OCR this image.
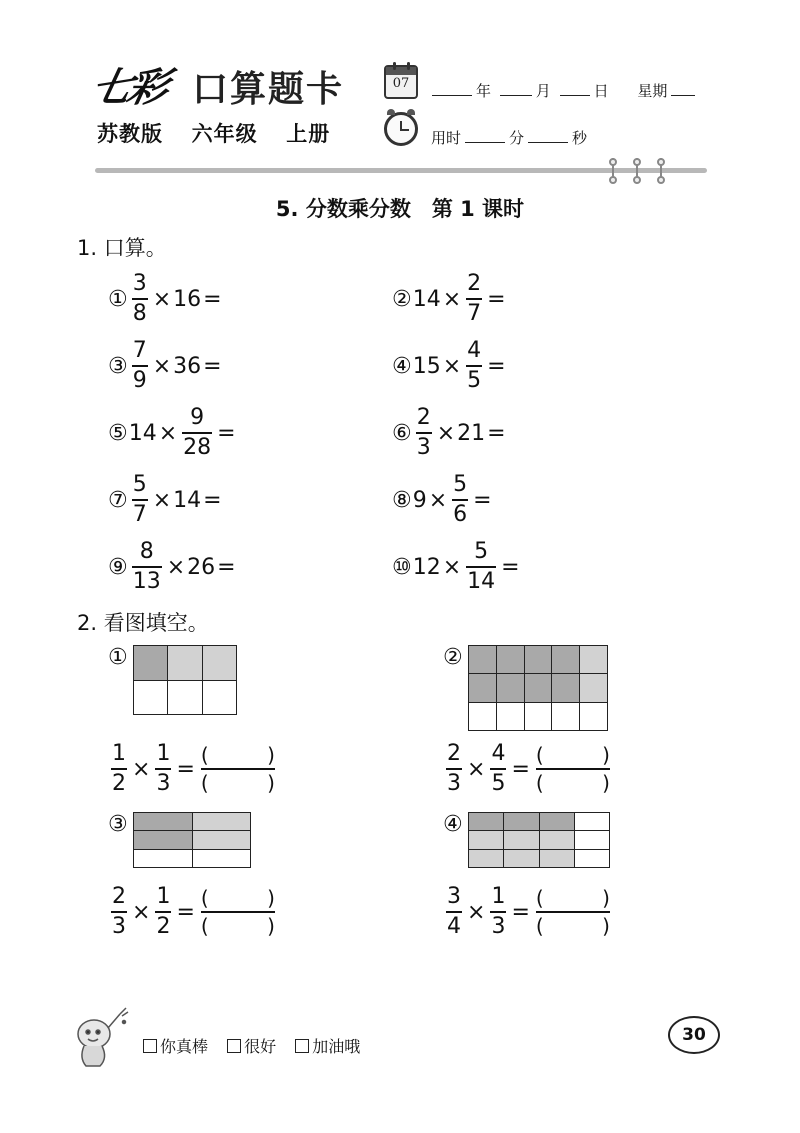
七彩 口算题卡
苏教版  六年级  上册
07	年	月	日 星期
用时	分	秒
5. 分数乘分数　第 1 课时
1. 口算。
① $\frac{3}{8} \times 16$ =	② $14 \times \frac{2}{7}$ =
③ $\frac{7}{9} \times 36$ =	④ $15 \times \frac{4}{5}$ =
⑤ $14 \times \frac{9}{28}$ =	⑥ $\frac{2}{3} \times 21$ =
⑦ $\frac{5}{7} \times 14$ =	⑧ $9 \times \frac{5}{6}$ =
⑨ $\frac{8}{13} \times 26$ =	⑩ $12 \times \frac{5}{14}$ =
2. 看图填空。
①

			②

$\frac{1}{2} \times \frac{1}{3}$ =
(	)
(	)	$\frac{2}{3} \times \frac{4}{5}$ =
(	)
(	)
③

		④

$\frac{2}{3} \times \frac{1}{2}$ =
(	)
(	)	$\frac{3}{4} \times \frac{1}{3}$ =
(	)
(	)
你真棒 很好 加油哦
30
